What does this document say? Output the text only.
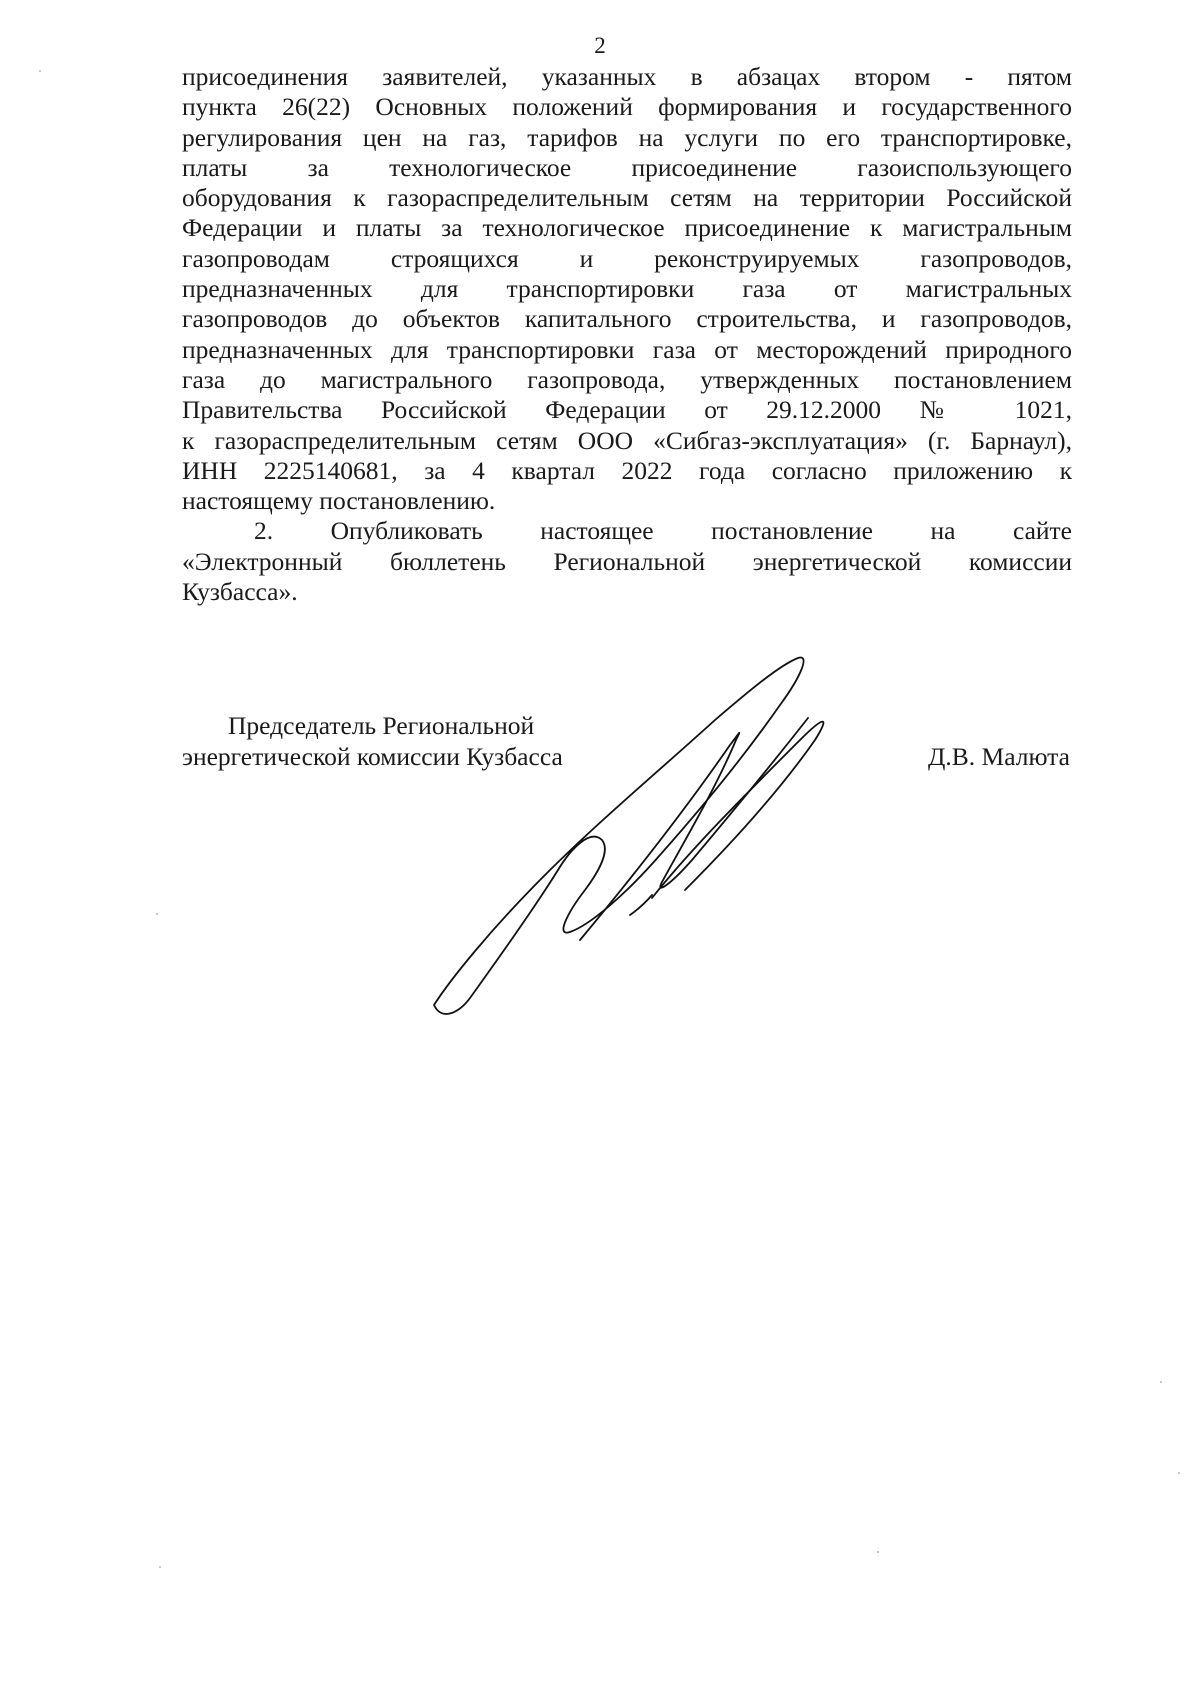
2
присоединения заявителей, указанных в абзацах втором - пятом
пункта 26(22) Основных положений формирования и государственного
регулирования цен на газ, тарифов на услуги по его транспортировке,
платы за технологическое присоединение газоиспользующего
оборудования к газораспределительным сетям на территории Российской
Федерации и платы за технологическое присоединение к магистральным
газопроводам строящихся и реконструируемых газопроводов,
предназначенных для транспортировки газа от магистральных
газопроводов до объектов капитального строительства, и газопроводов,
предназначенных для транспортировки газа от месторождений природного
газа до магистрального газопровода, утвержденных постановлением
Правительства Российской Федерации от 29.12.2000 № 1021,
к газораспределительным сетям ООО «Сибгаз-эксплуатация» (г. Барнаул),
ИНН 2225140681, за 4 квартал 2022 года согласно приложению к
настоящему постановлению.
2. Опубликовать настоящее постановление на сайте
«Электронный бюллетень Региональной энергетической комиссии
Кузбасса».
Председатель Региональной
энергетической комиссии Кузбасса	Д.В. Малюта
